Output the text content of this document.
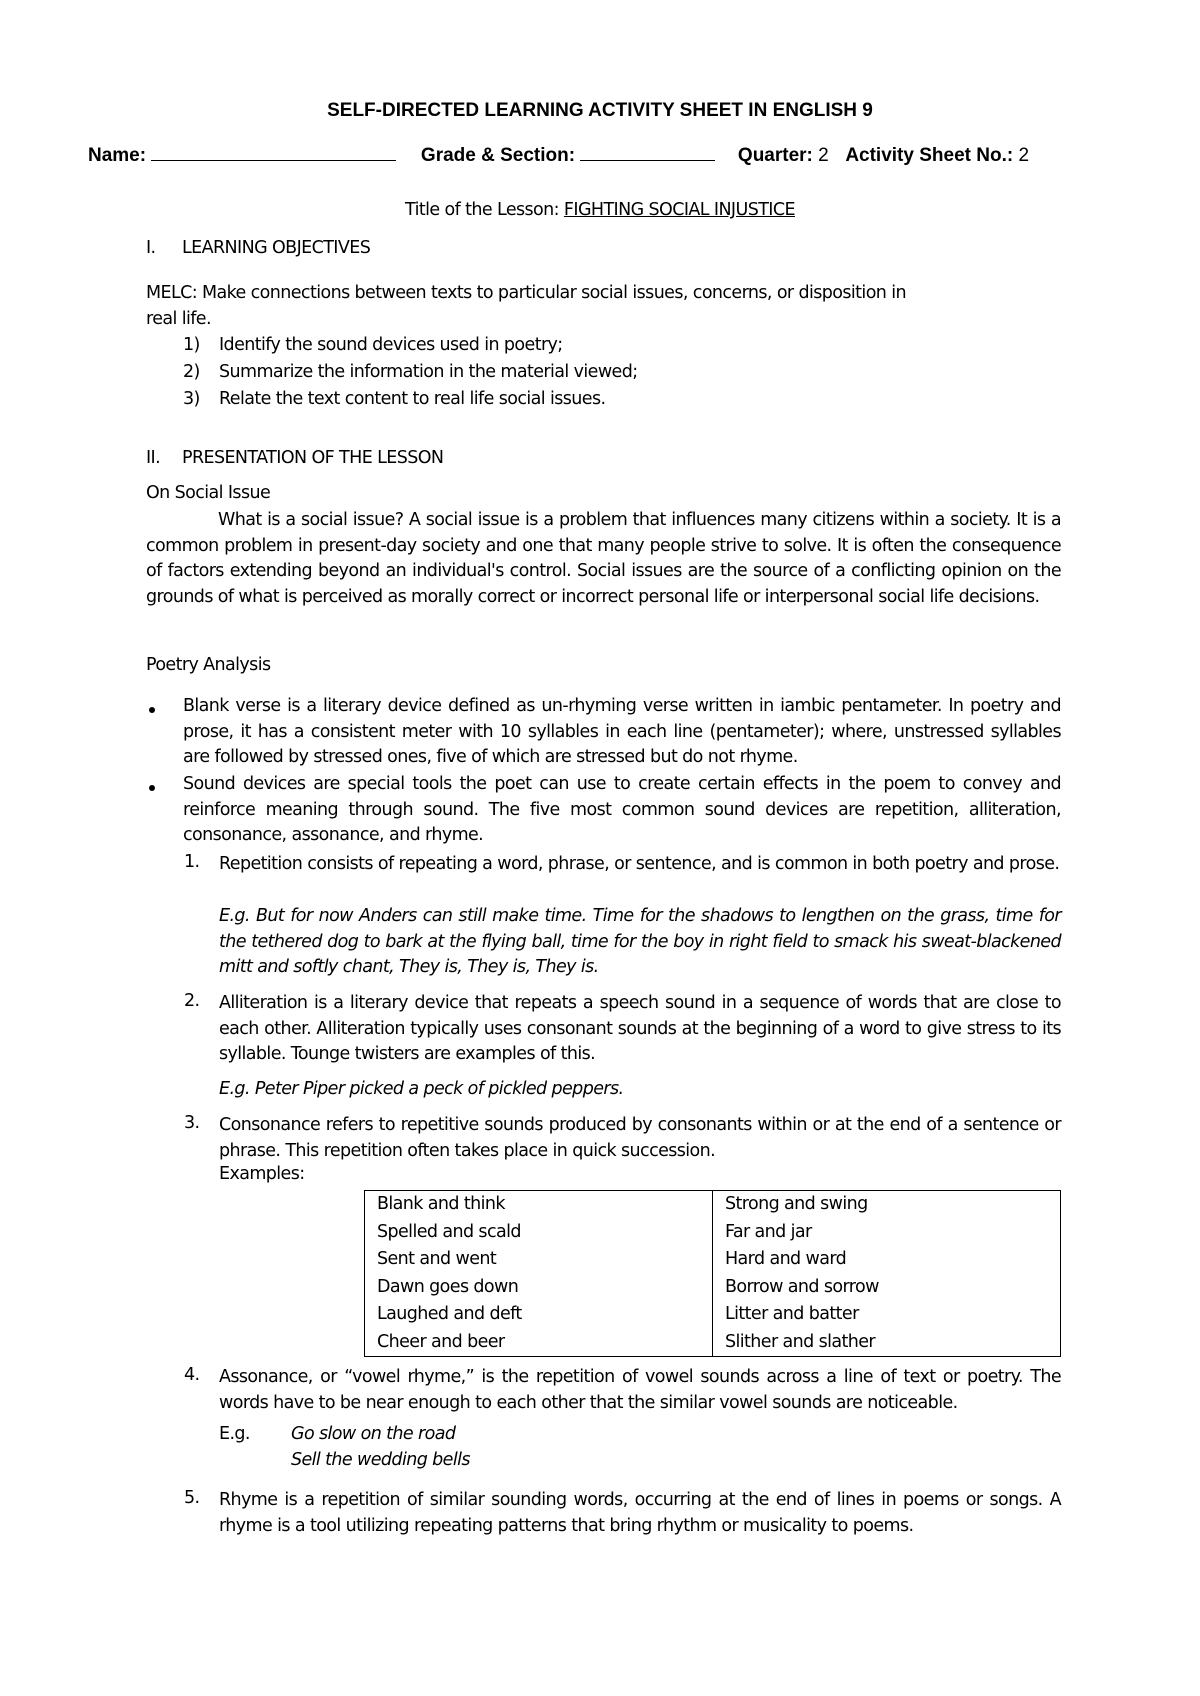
SELF-DIRECTED LEARNING ACTIVITY SHEET IN ENGLISH 9
Name:	Grade & Section:	Quarter: 2 Activity Sheet No.: 2
Title of the Lesson: FIGHTING SOCIAL INJUSTICE
I. LEARNING OBJECTIVES
MELC: Make connections between texts to particular social issues, concerns, or disposition in
real life.
1) Identify the sound devices used in poetry;
2) Summarize the information in the material viewed;
3) Relate the text content to real life social issues.
II. PRESENTATION OF THE LESSON
On Social Issue
What is a social issue? A social issue is a problem that influences many citizens within a society. It is a common problem in present-day society and one that many people strive to solve. It is often the consequence of factors extending beyond an individual's control. Social issues are the source of a conflicting opinion on the grounds of what is perceived as morally correct or incorrect personal life or interpersonal social life decisions.
Poetry Analysis
Blank verse is a literary device defined as un-rhyming verse written in iambic pentameter. In poetry and prose, it has a consistent meter with 10 syllables in each line (pentameter); where, unstressed syllables are followed by stressed ones, five of which are stressed but do not rhyme.
Sound devices are special tools the poet can use to create certain effects in the poem to convey and reinforce meaning through sound. The five most common sound devices are repetition, alliteration, consonance, assonance, and rhyme.
1.	Repetition consists of repeating a word, phrase, or sentence, and is common in both poetry and prose.
E.g. But for now Anders can still make time. Time for the shadows to lengthen on the grass, time for the tethered dog to bark at the flying ball, time for the boy in right field to smack his sweat-blackened mitt and softly chant, They is, They is, They is.
2.	Alliteration is a literary device that repeats a speech sound in a sequence of words that are close to each other. Alliteration typically uses consonant sounds at the beginning of a word to give stress to its syllable. Tounge twisters are examples of this.
E.g. Peter Piper picked a peck of pickled peppers.
3.	Consonance refers to repetitive sounds produced by consonants within or at the end of a sentence or phrase. This repetition often takes place in quick succession.
Examples:
Blank and think	Strong and swing
Spelled and scald	Far and jar
Sent and went	Hard and ward
Dawn goes down	Borrow and sorrow
Laughed and deft	Litter and batter
Cheer and beer	Slither and slather
4.	Assonance, or “vowel rhyme,” is the repetition of vowel sounds across a line of text or poetry. The words have to be near enough to each other that the similar vowel sounds are noticeable.
E.g. Go slow on the road
Sell the wedding bells
5.	Rhyme is a repetition of similar sounding words, occurring at the end of lines in poems or songs. A rhyme is a tool utilizing repeating patterns that bring rhythm or musicality to poems.
